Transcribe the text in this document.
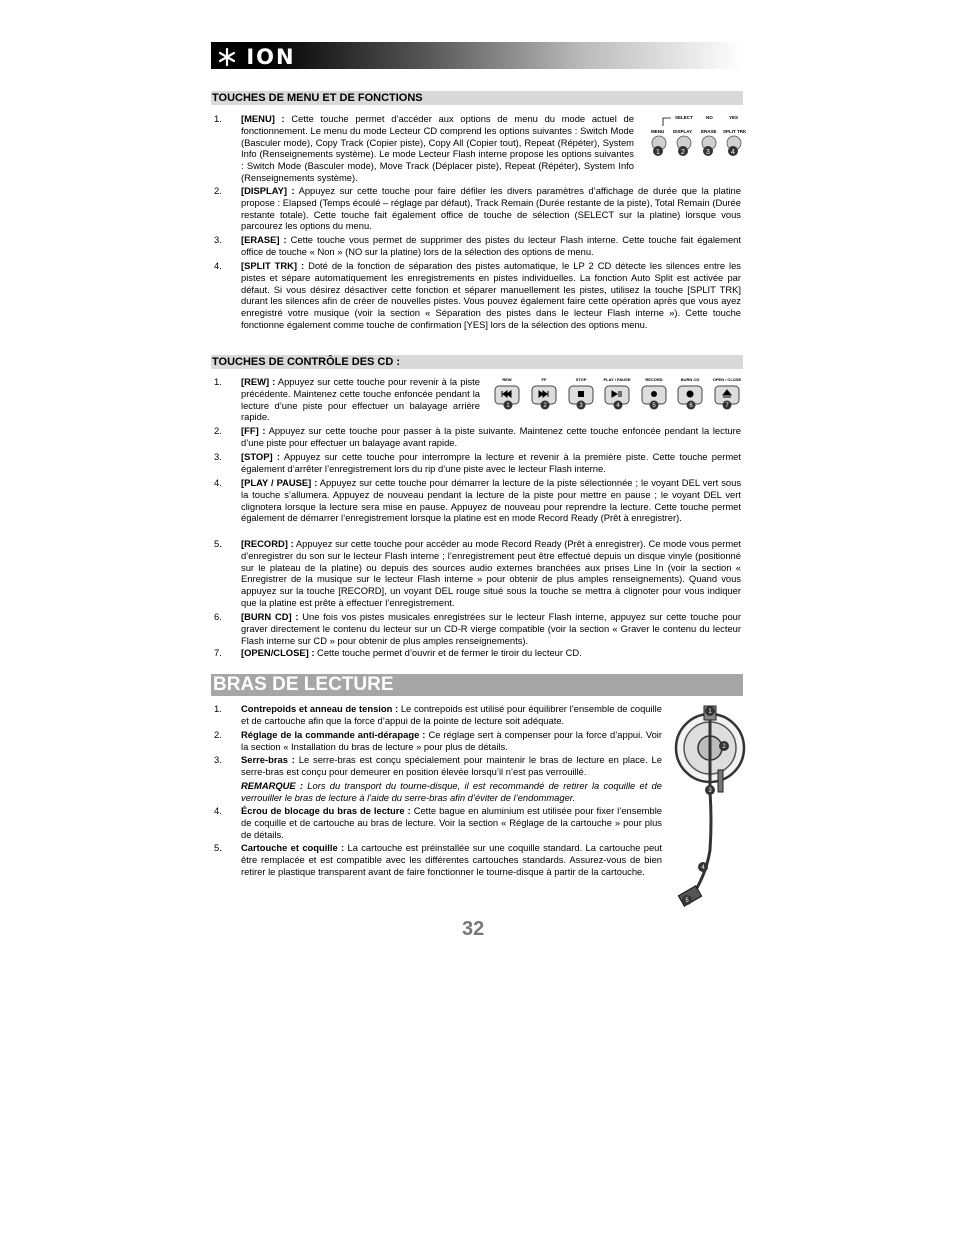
ION
TOUCHES DE MENU ET DE FONCTIONS
SELECT	NO	YES
MENU DISPLAY ERASE SPLIT TRK
1	2	3	4
1. [MENU] : Cette touche permet d’accéder aux options de menu du mode actuel de fonctionnement. Le menu du mode Lecteur CD comprend les options suivantes : Switch Mode (Basculer mode), Copy Track (Copier piste), Copy All (Copier tout), Repeat (Répéter), System Info (Renseignements système). Le mode Lecteur Flash interne propose les options suivantes : Switch Mode (Basculer mode), Move Track (Déplacer piste), Repeat (Répéter), System Info (Renseignements système).
2. [DISPLAY] : Appuyez sur cette touche pour faire défiler les divers paramètres d’affichage de durée que la platine propose : Elapsed (Temps écoulé – réglage par défaut), Track Remain (Durée restante de la piste), Total Remain (Durée restante totale). Cette touche fait également office de touche de sélection (SELECT sur la platine) lorsque vous parcourez les options du menu.
3. [ERASE] : Cette touche vous permet de supprimer des pistes du lecteur Flash interne. Cette touche fait également office de touche « Non » (NO sur la platine) lors de la sélection des options de menu.
4. [SPLIT TRK] : Doté de la fonction de séparation des pistes automatique, le LP 2 CD détecte les silences entre les pistes et sépare automatiquement les enregistrements en pistes individuelles. La fonction Auto Split est activée par défaut. Si vous désirez désactiver cette fonction et séparer manuellement les pistes, utilisez la touche [SPLIT TRK] durant les silences afin de créer de nouvelles pistes. Vous pouvez également faire cette opération après que vous ayez enregistré votre musique (voir la section « Séparation des pistes dans le lecteur Flash interne »). Cette touche fonctionne également comme touche de confirmation [YES] lors de la sélection des options menu.
TOUCHES DE CONTRÔLE DES CD :
REW	FF	STOP	PLAY / PAUSE	RECORD	BURN CD	OPEN / CLOSE
1	2	3	4	5	6	7
1. [REW] : Appuyez sur cette touche pour revenir à la piste précédente. Maintenez cette touche enfoncée pendant la lecture d’une piste pour effectuer un balayage arrière rapide.
2. [FF] : Appuyez sur cette touche pour passer à la piste suivante. Maintenez cette touche enfoncée pendant la lecture d’une piste pour effectuer un balayage avant rapide.
3. [STOP] : Appuyez sur cette touche pour interrompre la lecture et revenir à la première piste. Cette touche permet également d’arrêter l’enregistrement lors du rip d’une piste avec le lecteur Flash interne.
4. [PLAY / PAUSE] : Appuyez sur cette touche pour démarrer la lecture de la piste sélectionnée ; le voyant DEL vert sous la touche s’allumera. Appuyez de nouveau pendant la lecture de la piste pour mettre en pause ; le voyant DEL vert clignotera lorsque la lecture sera mise en pause. Appuyez de nouveau pour reprendre la lecture. Cette touche permet également de démarrer l’enregistrement lorsque la platine est en mode Record Ready (Prêt à enregistrer).
5. [RECORD] : Appuyez sur cette touche pour accéder au mode Record Ready (Prêt à enregistrer). Ce mode vous permet d’enregistrer du son sur le lecteur Flash interne ; l’enregistrement peut être effectué depuis un disque vinyle (positionné sur le plateau de la platine) ou depuis des sources audio externes branchées aux prises Line In (voir la section « Enregistrer de la musique sur le lecteur Flash interne » pour obtenir de plus amples renseignements). Quand vous appuyez sur la touche [RECORD], un voyant DEL rouge situé sous la touche se mettra à clignoter pour vous indiquer que la platine est prête à effectuer l’enregistrement.
6. [BURN CD] : Une fois vos pistes musicales enregistrées sur le lecteur Flash interne, appuyez sur cette touche pour graver directement le contenu du lecteur sur un CD-R vierge compatible (voir la section « Graver le contenu du lecteur Flash interne sur CD » pour obtenir de plus amples renseignements).
7. [OPEN/CLOSE] : Cette touche permet d’ouvrir et de fermer le tiroir du lecteur CD.
BRAS DE LECTURE
1
2
3
4
5
1. Contrepoids et anneau de tension : Le contrepoids est utilisé pour équilibrer l’ensemble de coquille et de cartouche afin que la force d’appui de la pointe de lecture soit adéquate.
2. Réglage de la commande anti-dérapage : Ce réglage sert à compenser pour la force d’appui. Voir la section « Installation du bras de lecture » pour plus de détails.
3. Serre-bras : Le serre-bras est conçu spécialement pour maintenir le bras de lecture en place. Le serre-bras est conçu pour demeurer en position élevée lorsqu’il n’est pas verrouillé.
REMARQUE : Lors du transport du tourne-disque, il est recommandé de retirer la coquille et de verrouiller le bras de lecture à l’aide du serre-bras afin d’éviter de l’endommager.
4. Écrou de blocage du bras de lecture : Cette bague en aluminium est utilisée pour fixer l’ensemble de coquille et de cartouche au bras de lecture. Voir la section « Réglage de la cartouche » pour plus de détails.
5. Cartouche et coquille : La cartouche est préinstallée sur une coquille standard. La cartouche peut être remplacée et est compatible avec les différentes cartouches standards. Assurez-vous de bien retirer le plastique transparent avant de faire fonctionner le tourne-disque à partir de la cartouche.
32
